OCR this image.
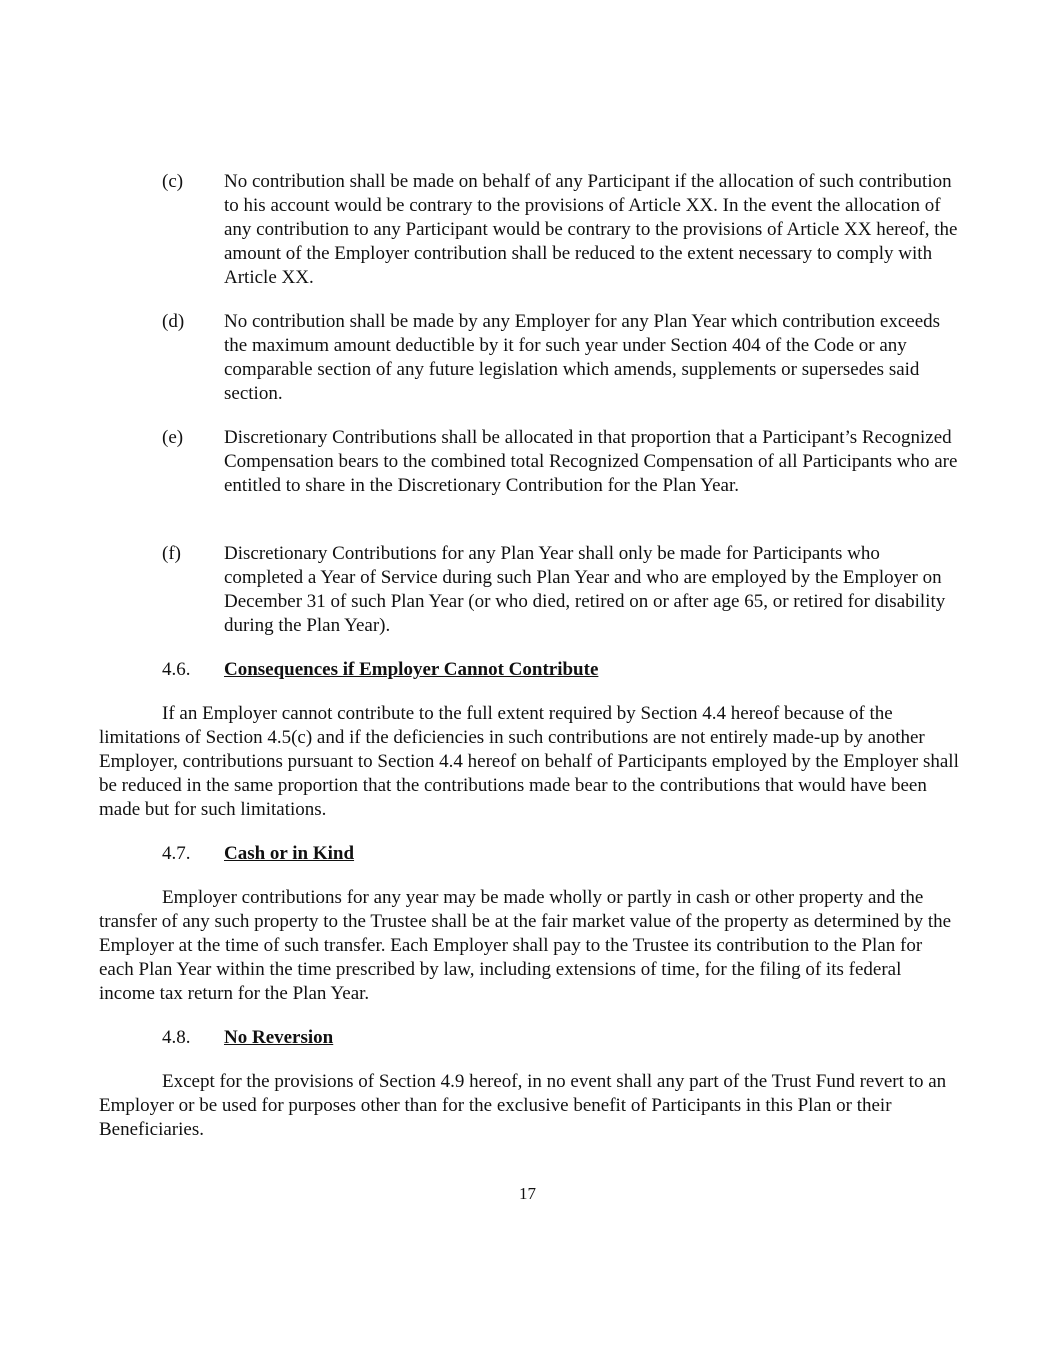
(c) No contribution shall be made on behalf of any Participant if the allocation of such contribution to his account would be contrary to the provisions of Article XX. In the event the allocation of any contribution to any Participant would be contrary to the provisions of Article XX hereof, the amount of the Employer contribution shall be reduced to the extent necessary to comply with Article XX.
(d) No contribution shall be made by any Employer for any Plan Year which contribution exceeds the maximum amount deductible by it for such year under Section 404 of the Code or any comparable section of any future legislation which amends, supplements or supersedes said section.
(e) Discretionary Contributions shall be allocated in that proportion that a Participant’s Recognized Compensation bears to the combined total Recognized Compensation of all Participants who are entitled to share in the Discretionary Contribution for the Plan Year.
(f) Discretionary Contributions for any Plan Year shall only be made for Participants who completed a Year of Service during such Plan Year and who are employed by the Employer on December 31 of such Plan Year (or who died, retired on or after age 65, or retired for disability during the Plan Year).
4.6. Consequences if Employer Cannot Contribute
If an Employer cannot contribute to the full extent required by Section 4.4 hereof because of the limitations of Section 4.5(c) and if the deficiencies in such contributions are not entirely made-up by another Employer, contributions pursuant to Section 4.4 hereof on behalf of Participants employed by the Employer shall be reduced in the same proportion that the contributions made bear to the contributions that would have been made but for such limitations.
4.7. Cash or in Kind
Employer contributions for any year may be made wholly or partly in cash or other property and the transfer of any such property to the Trustee shall be at the fair market value of the property as determined by the Employer at the time of such transfer. Each Employer shall pay to the Trustee its contribution to the Plan for each Plan Year within the time prescribed by law, including extensions of time, for the filing of its federal income tax return for the Plan Year.
4.8. No Reversion
Except for the provisions of Section 4.9 hereof, in no event shall any part of the Trust Fund revert to an Employer or be used for purposes other than for the exclusive benefit of Participants in this Plan or their Beneficiaries.
17
